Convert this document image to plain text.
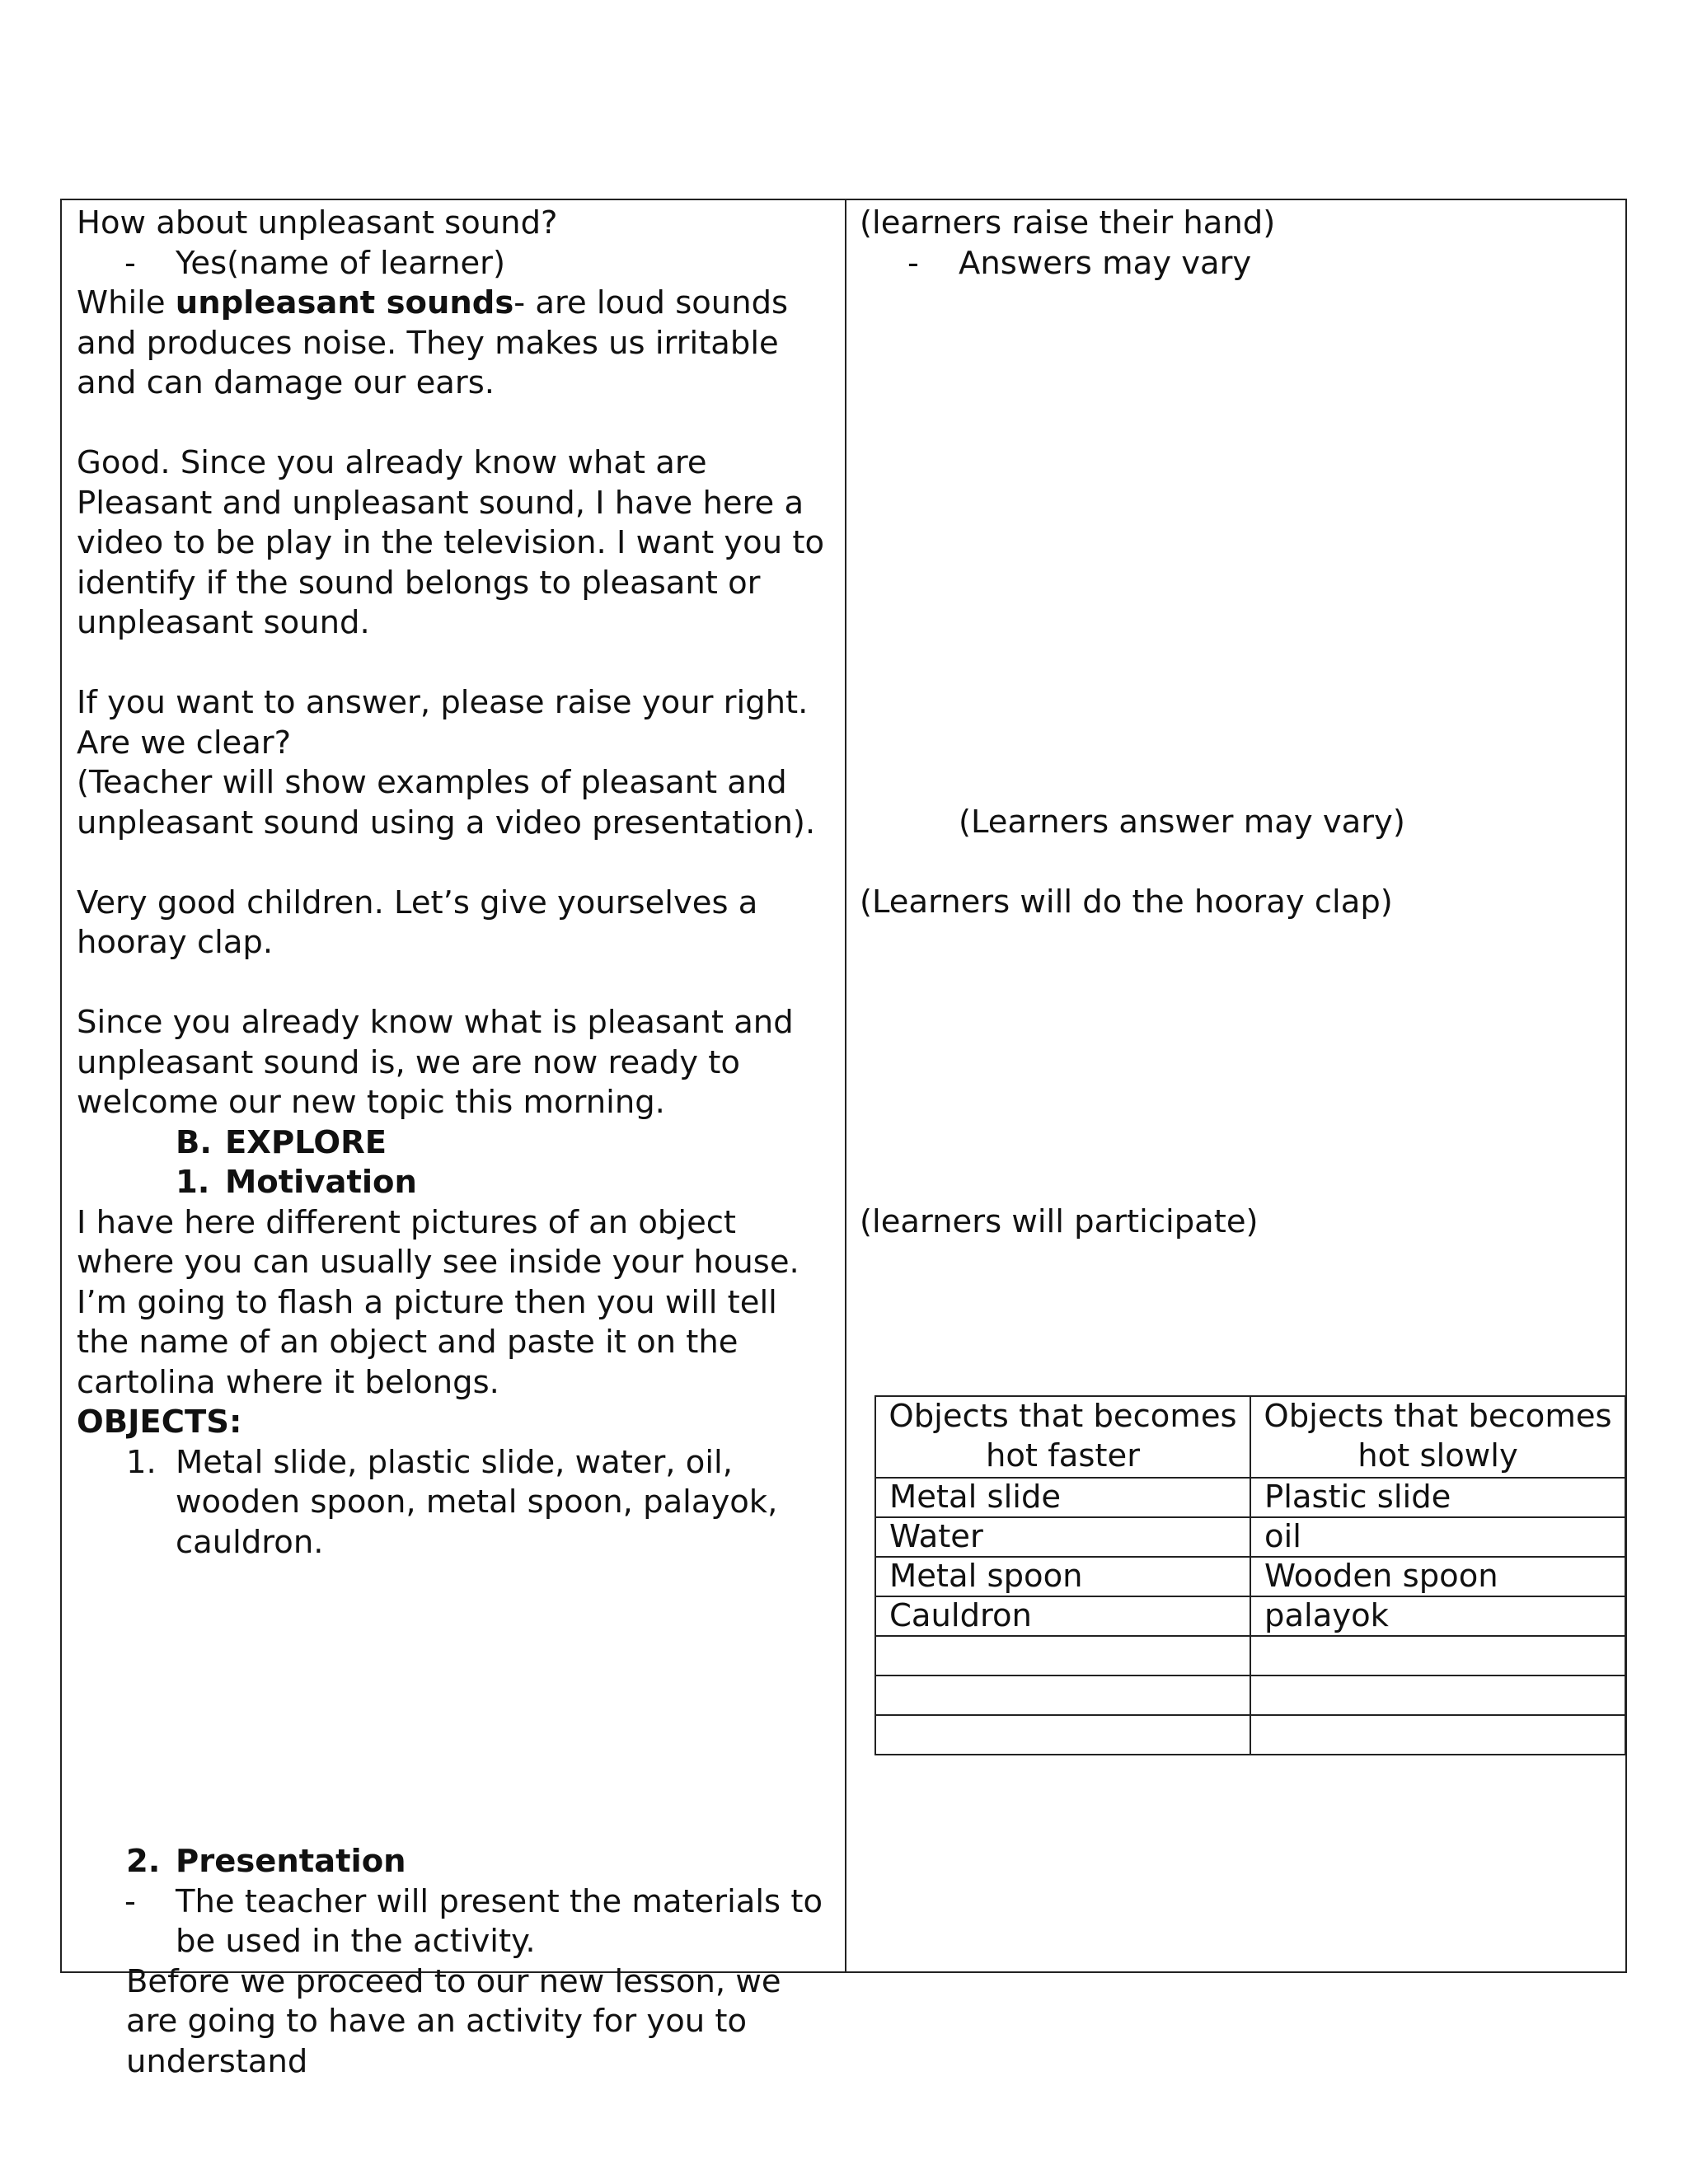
How about unpleasant sound?

- Yes(name of learner)

While unpleasant sounds- are loud sounds and produces noise. They makes us irritable and can damage our ears.

Good. Since you already know what are Pleasant and unpleasant sound, I have here a video to be play in the television. I want you to identify if the sound belongs to pleasant or unpleasant sound.

If you want to answer, please raise your right. Are we clear?

(Teacher will show examples of pleasant and unpleasant sound using a video presentation).

Very good children. Let’s give yourselves a hooray clap.

Since you already know what is pleasant and unpleasant sound is, we are now ready to welcome our new topic this morning.

B. EXPLORE

1. Motivation

I have here different pictures of an object where you can usually see inside your house. I’m going to flash a picture then you will tell the name of an object and paste it on the cartolina where it belongs.

OBJECTS:

1. Metal slide, plastic slide, water, oil, wooden spoon, metal spoon, palayok, cauldron.

2. Presentation

- The teacher will present the materials to be used in the activity.

Before we proceed to our new lesson, we are going to have an activity for you to understand

(learners raise their hand)

- Answers may vary

(Learners answer may vary)

(Learners will do the hooray clap)

(learners will participate)

Objects that becomes hot faster	Objects that becomes hot slowly
Metal slide	Plastic slide
Water	oil
Metal spoon	Wooden spoon
Cauldron	palayok
